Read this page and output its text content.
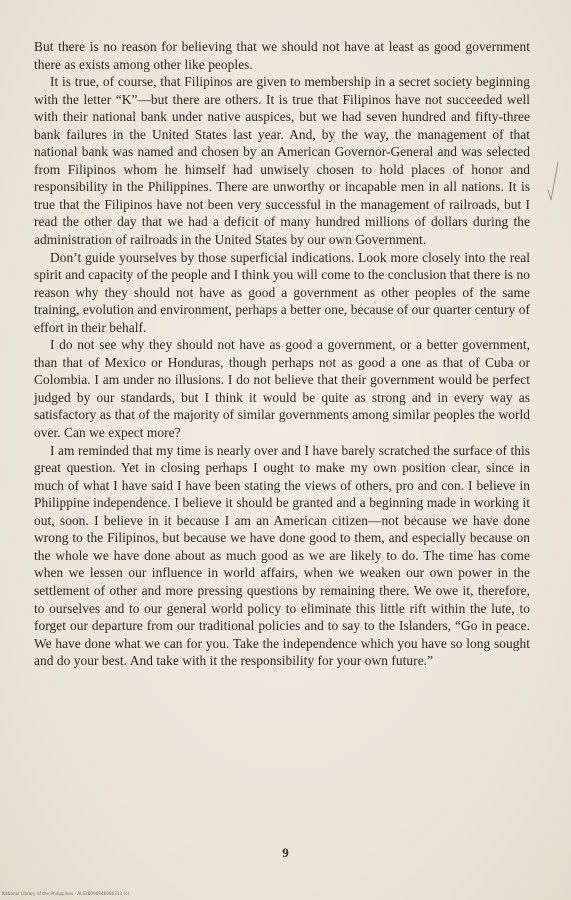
But there is no reason for believing that we should not have at least as good government there as exists among other like peoples.

It is true, of course, that Filipinos are given to membership in a secret society beginning with the letter “K”—but there are others. It is true that Filipinos have not succeeded well with their national bank under native auspices, but we had seven hundred and fifty-three bank failures in the United States last year. And, by the way, the management of that national bank was named and chosen by an American Governor-General and was selected from Filipinos whom he himself had unwisely chosen to hold places of honor and responsibility in the Philippines. There are unworthy or incapable men in all nations. It is true that the Filipinos have not been very successful in the management of railroads, but I read the other day that we had a deficit of many hundred millions of dollars during the administration of railroads in the United States by our own Government.

Don’t guide yourselves by those superficial indications. Look more closely into the real spirit and capacity of the people and I think you will come to the conclusion that there is no reason why they should not have as good a government as other peoples of the same training, evolution and environment, perhaps a better one, because of our quarter century of effort in their behalf.

I do not see why they should not have as good a government, or a better government, than that of Mexico or Honduras, though perhaps not as good a one as that of Cuba or Colombia. I am under no illusions. I do not believe that their government would be perfect judged by our standards, but I think it would be quite as strong and in every way as satisfactory as that of the majority of similar governments among similar peoples the world over. Can we expect more?

I am reminded that my time is nearly over and I have barely scratched the surface of this great question. Yet in closing perhaps I ought to make my own position clear, since in much of what I have said I have been stating the views of others, pro and con. I believe in Philippine independence. I believe it should be granted and a beginning made in working it out, soon. I believe in it because I am an American citizen—not because we have done wrong to the Filipinos, but because we have done good to them, and especially because on the whole we have done about as much good as we are likely to do. The time has come when we lessen our influence in world affairs, when we weaken our own power in the settlement of other and more pressing questions by remaining there. We owe it, therefore, to ourselves and to our general world policy to eliminate this little rift within the lute, to forget our departure from our traditional policies and to say to the Islanders, “Go in peace. We have done what we can for you. Take the independence which you have so long sought and do your best. And take with it the responsibility for your own future.”

9
National Library of the Philippines · ALS28096946000313 (c)
